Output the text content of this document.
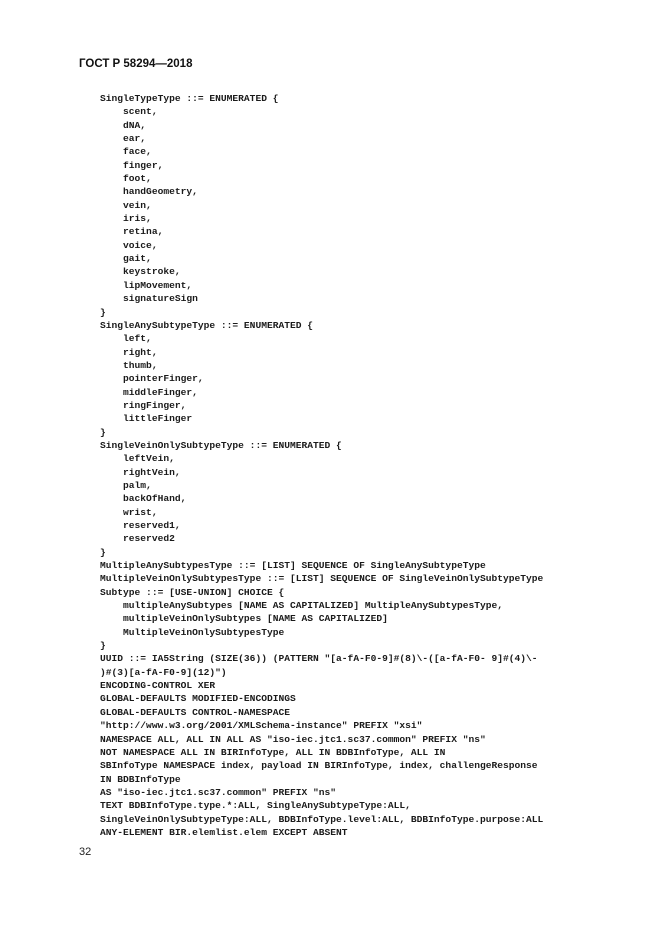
ГОСТ Р 58294—2018
SingleTypeType ::= ENUMERATED {
scent,
dNA,
ear,
face,
finger,
foot,
handGeometry,
vein,
iris,
retina,
voice,
gait,
keystroke,
lipMovement,
signatureSign
}
SingleAnySubtypeType ::= ENUMERATED {
left,
right,
thumb,
pointerFinger,
middleFinger,
ringFinger,
littleFinger
}
SingleVeinOnlySubtypeType ::= ENUMERATED {
leftVein,
rightVein,
palm,
backOfHand,
wrist,
reserved1,
reserved2
}
MultipleAnySubtypesType ::= [LIST] SEQUENCE OF SingleAnySubtypeType
MultipleVeinOnlySubtypesType ::= [LIST] SEQUENCE OF SingleVeinOnlySubtypeType
Subtype ::= [USE-UNION] CHOICE {
multipleAnySubtypes [NAME AS CAPITALIZED] MultipleAnySubtypesType,
multipleVeinOnlySubtypes [NAME AS CAPITALIZED]
MultipleVeinOnlySubtypesType
}
UUID ::= IA5String (SIZE(36)) (PATTERN "[a-fA-F0-9]#(8)\-([a-fA-F0- 9]#(4)\-
)#(3)[a-fA-F0-9](12)")
ENCODING-CONTROL XER
GLOBAL-DEFAULTS MODIFIED-ENCODINGS
GLOBAL-DEFAULTS CONTROL-NAMESPACE
"http://www.w3.org/2001/XMLSchema-instance" PREFIX "xsi"
NAMESPACE ALL, ALL IN ALL AS "iso-iec.jtc1.sc37.common" PREFIX "ns"
NOT NAMESPACE ALL IN BIRInfoType, ALL IN BDBInfoType, ALL IN
SBInfoType NAMESPACE index, payload IN BIRInfoType, index, challengeResponse
IN BDBInfoType
AS "iso-iec.jtc1.sc37.common" PREFIX "ns"
TEXT BDBInfoType.type.*:ALL, SingleAnySubtypeType:ALL,
SingleVeinOnlySubtypeType:ALL, BDBInfoType.level:ALL, BDBInfoType.purpose:ALL
ANY-ELEMENT BIR.elemlist.elem EXCEPT ABSENT
32
